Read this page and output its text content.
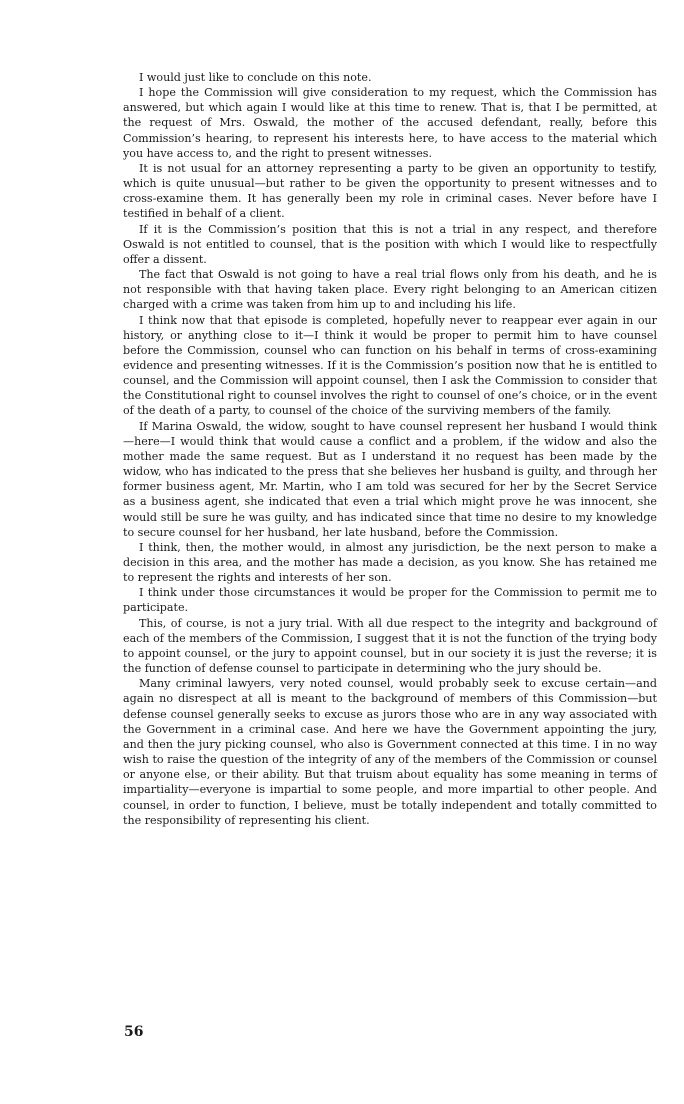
I would just like to conclude on this note.

I hope the Commission will give consideration to my request, which the Commission has answered, but which again I would like at this time to renew. That is, that I be permitted, at the request of Mrs. Oswald, the mother of the accused defendant, really, before this Commission’s hearing, to represent his interests here, to have access to the material which you have access to, and the right to present witnesses.

It is not usual for an attorney representing a party to be given an opportunity to testify, which is quite unusual—but rather to be given the opportunity to present witnesses and to cross-examine them. It has generally been my role in criminal cases. Never before have I testified in behalf of a client.

If it is the Commission’s position that this is not a trial in any respect, and therefore Oswald is not entitled to counsel, that is the position with which I would like to respectfully offer a dissent.

The fact that Oswald is not going to have a real trial flows only from his death, and he is not responsible with that having taken place. Every right belonging to an American citizen charged with a crime was taken from him up to and including his life.

I think now that that episode is completed, hopefully never to reappear ever again in our history, or anything close to it—I think it would be proper to permit him to have counsel before the Commission, counsel who can function on his behalf in terms of cross-examining evidence and presenting witnesses. If it is the Commission’s position now that he is entitled to counsel, and the Commission will appoint counsel, then I ask the Commission to consider that the Constitutional right to counsel involves the right to counsel of one’s choice, or in the event of the death of a party, to counsel of the choice of the surviving members of the family.

If Marina Oswald, the widow, sought to have counsel represent her husband I would think—here—I would think that would cause a conflict and a problem, if the widow and also the mother made the same request. But as I understand it no request has been made by the widow, who has indicated to the press that she believes her husband is guilty, and through her former business agent, Mr. Martin, who I am told was secured for her by the Secret Service as a business agent, she indicated that even a trial which might prove he was innocent, she would still be sure he was guilty, and has indicated since that time no desire to my knowledge to secure counsel for her husband, her late husband, before the Commission.

I think, then, the mother would, in almost any jurisdiction, be the next person to make a decision in this area, and the mother has made a decision, as you know. She has retained me to represent the rights and interests of her son.

I think under those circumstances it would be proper for the Commission to permit me to participate.

This, of course, is not a jury trial. With all due respect to the integrity and background of each of the members of the Commission, I suggest that it is not the function of the trying body to appoint counsel, or the jury to appoint counsel, but in our society it is just the reverse; it is the function of defense counsel to participate in determining who the jury should be.

Many criminal lawyers, very noted counsel, would probably seek to excuse certain—and again no disrespect at all is meant to the background of members of this Commission—but defense counsel generally seeks to excuse as jurors those who are in any way associated with the Government in a criminal case. And here we have the Government appointing the jury, and then the jury picking counsel, who also is Government connected at this time. I in no way wish to raise the question of the integrity of any of the members of the Commission or counsel or anyone else, or their ability. But that truism about equality has some meaning in terms of impartiality—everyone is impartial to some people, and more impartial to other people. And counsel, in order to function, I believe, must be totally independent and totally committed to the responsibility of representing his client.

56
